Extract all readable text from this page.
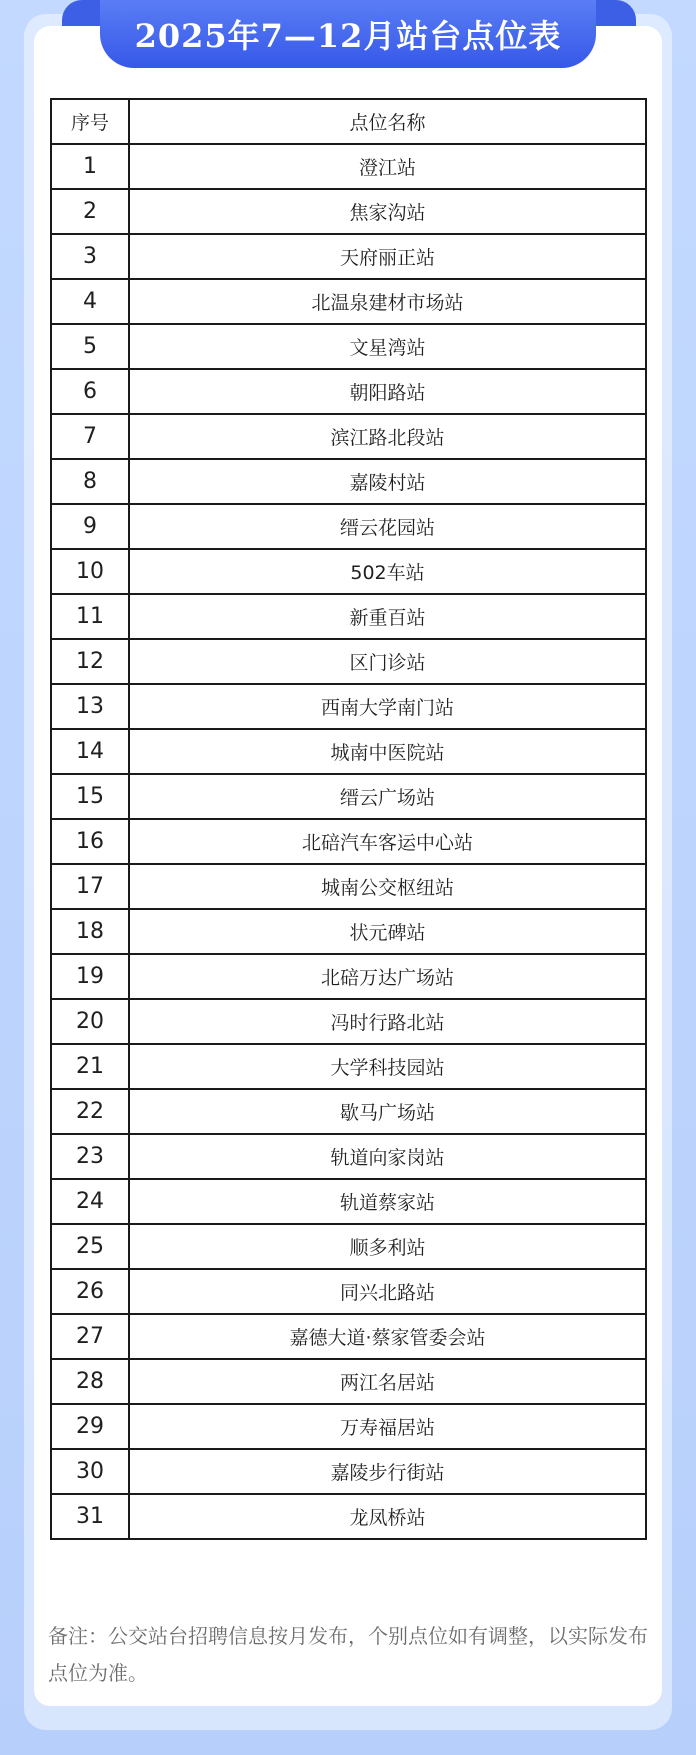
2025年7—12月站台点位表
序号	点位名称
1	澄江站
2	焦家沟站
3	天府丽正站
4	北温泉建材市场站
5	文星湾站
6	朝阳路站
7	滨江路北段站
8	嘉陵村站
9	缙云花园站
10	502车站
11	新重百站
12	区门诊站
13	西南大学南门站
14	城南中医院站
15	缙云广场站
16	北碚汽车客运中心站
17	城南公交枢纽站
18	状元碑站
19	北碚万达广场站
20	冯时行路北站
21	大学科技园站
22	歇马广场站
23	轨道向家岗站
24	轨道蔡家站
25	顺多利站
26	同兴北路站
27	嘉德大道·蔡家管委会站
28	两江名居站
29	万寿福居站
30	嘉陵步行街站
31	龙凤桥站
备注：公交站台招聘信息按月发布，个别点位如有调整，以实际发布点位为准。
